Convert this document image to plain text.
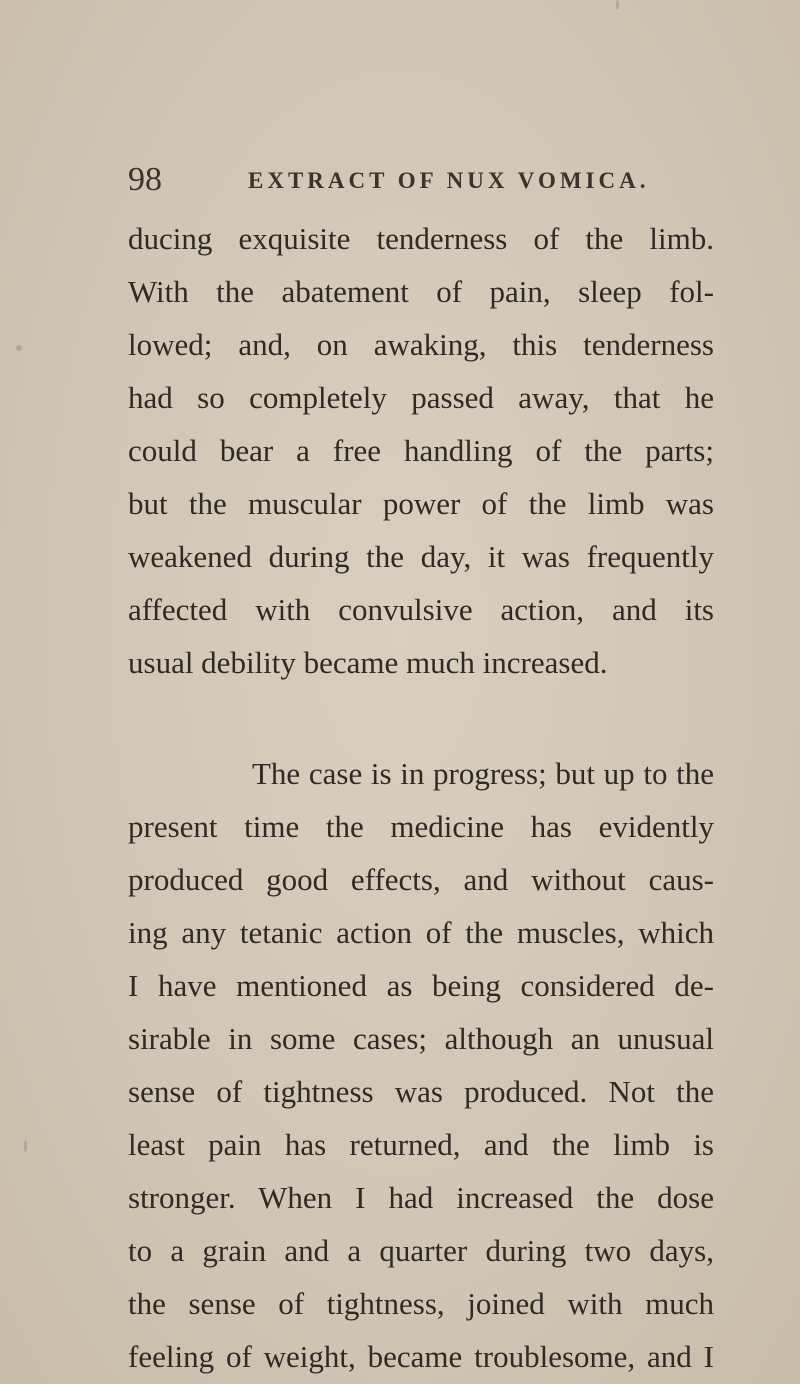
98	EXTRACT OF NUX VOMICA.
ducing exquisite tenderness of the limb.
With the abatement of pain, sleep fol-
lowed; and, on awaking, this tenderness
had so completely passed away, that he
could bear a free handling of the parts;
but the muscular power of the limb was
weakened during the day, it was frequently
affected with convulsive action, and its
usual debility became much increased.
The case is in progress; but up to the
present time the medicine has evidently
produced good effects, and without caus-
ing any tetanic action of the muscles, which
I have mentioned as being considered de-
sirable in some cases; although an unusual
sense of tightness was produced. Not the
least pain has returned, and the limb is
stronger. When I had increased the dose
to a grain and a quarter during two days,
the sense of tightness, joined with much
feeling of weight, became troublesome, and I
